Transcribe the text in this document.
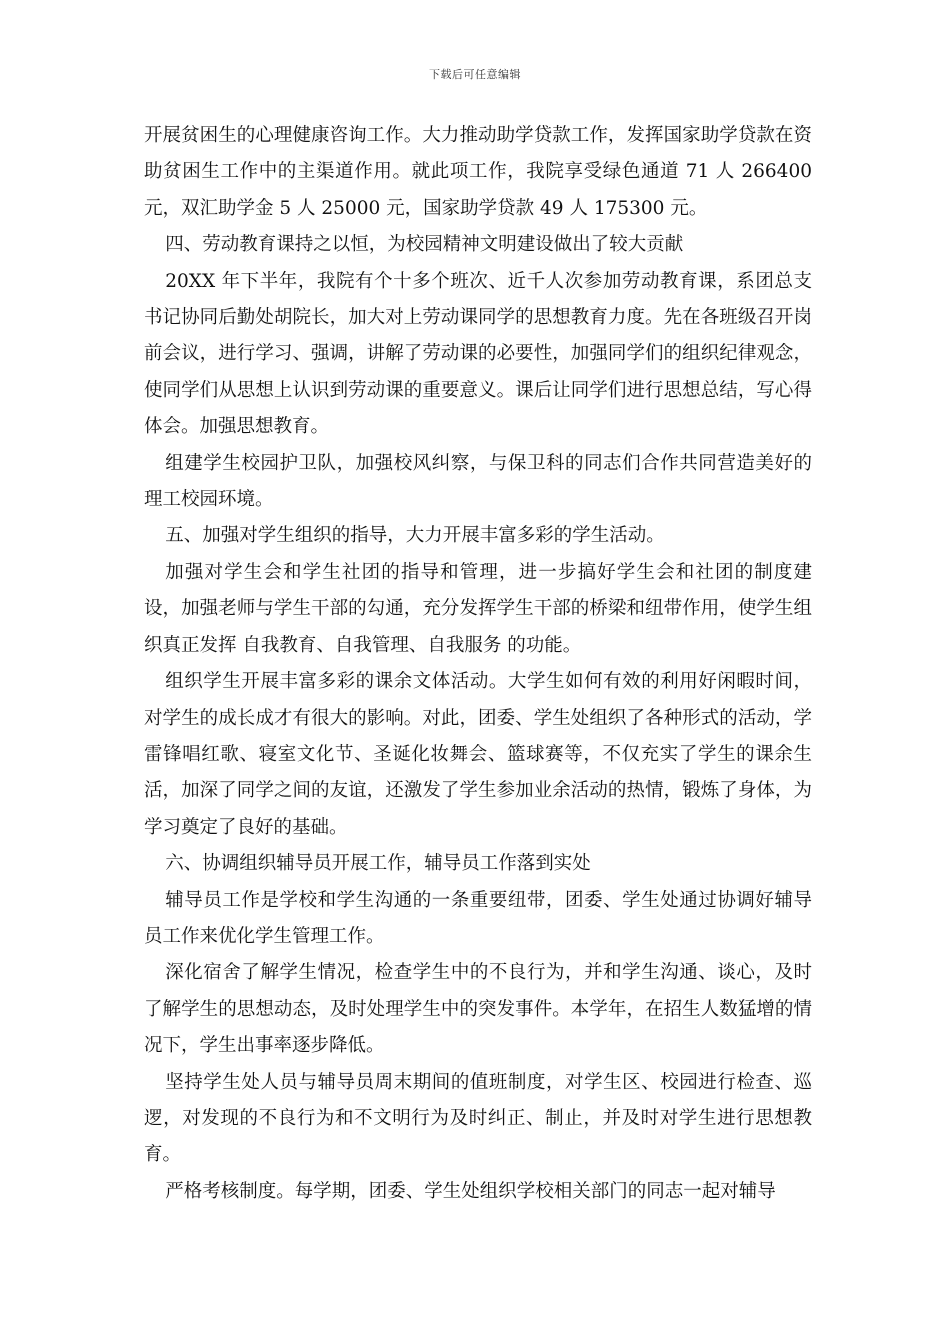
下载后可任意编辑

开展贫困生的心理健康咨询工作。大力推动助学贷款工作，发挥国家助学贷款在资助贫困生工作中的主渠道作用。就此项工作，我院享受绿色通道 71 人 266400 元，双汇助学金 5 人 25000 元，国家助学贷款 49 人 175300 元。

四、劳动教育课持之以恒，为校园精神文明建设做出了较大贡献

20XX 年下半年，我院有个十多个班次、近千人次参加劳动教育课，系团总支书记协同后勤处胡院长，加大对上劳动课同学的思想教育力度。先在各班级召开岗前会议，进行学习、强调，讲解了劳动课的必要性，加强同学们的组织纪律观念，使同学们从思想上认识到劳动课的重要意义。课后让同学们进行思想总结，写心得体会。加强思想教育。

组建学生校园护卫队，加强校风纠察，与保卫科的同志们合作共同营造美好的理工校园环境。

五、加强对学生组织的指导，大力开展丰富多彩的学生活动。

加强对学生会和学生社团的指导和管理，进一步搞好学生会和社团的制度建设，加强老师与学生干部的勾通，充分发挥学生干部的桥梁和纽带作用，使学生组织真正发挥 自我教育、自我管理、自我服务 的功能。

组织学生开展丰富多彩的课余文体活动。大学生如何有效的利用好闲暇时间，对学生的成长成才有很大的影响。对此，团委、学生处组织了各种形式的活动，学雷锋唱红歌、寝室文化节、圣诞化妆舞会、篮球赛等，不仅充实了学生的课余生活，加深了同学之间的友谊，还激发了学生参加业余活动的热情，锻炼了身体，为学习奠定了良好的基础。

六、协调组织辅导员开展工作，辅导员工作落到实处

辅导员工作是学校和学生沟通的一条重要纽带，团委、学生处通过协调好辅导员工作来优化学生管理工作。

深化宿舍了解学生情况，检查学生中的不良行为，并和学生沟通、谈心，及时了解学生的思想动态，及时处理学生中的突发事件。本学年，在招生人数猛增的情况下，学生出事率逐步降低。

坚持学生处人员与辅导员周末期间的值班制度，对学生区、校园进行检查、巡逻，对发现的不良行为和不文明行为及时纠正、制止，并及时对学生进行思想教育。

严格考核制度。每学期，团委、学生处组织学校相关部门的同志一起对辅导
